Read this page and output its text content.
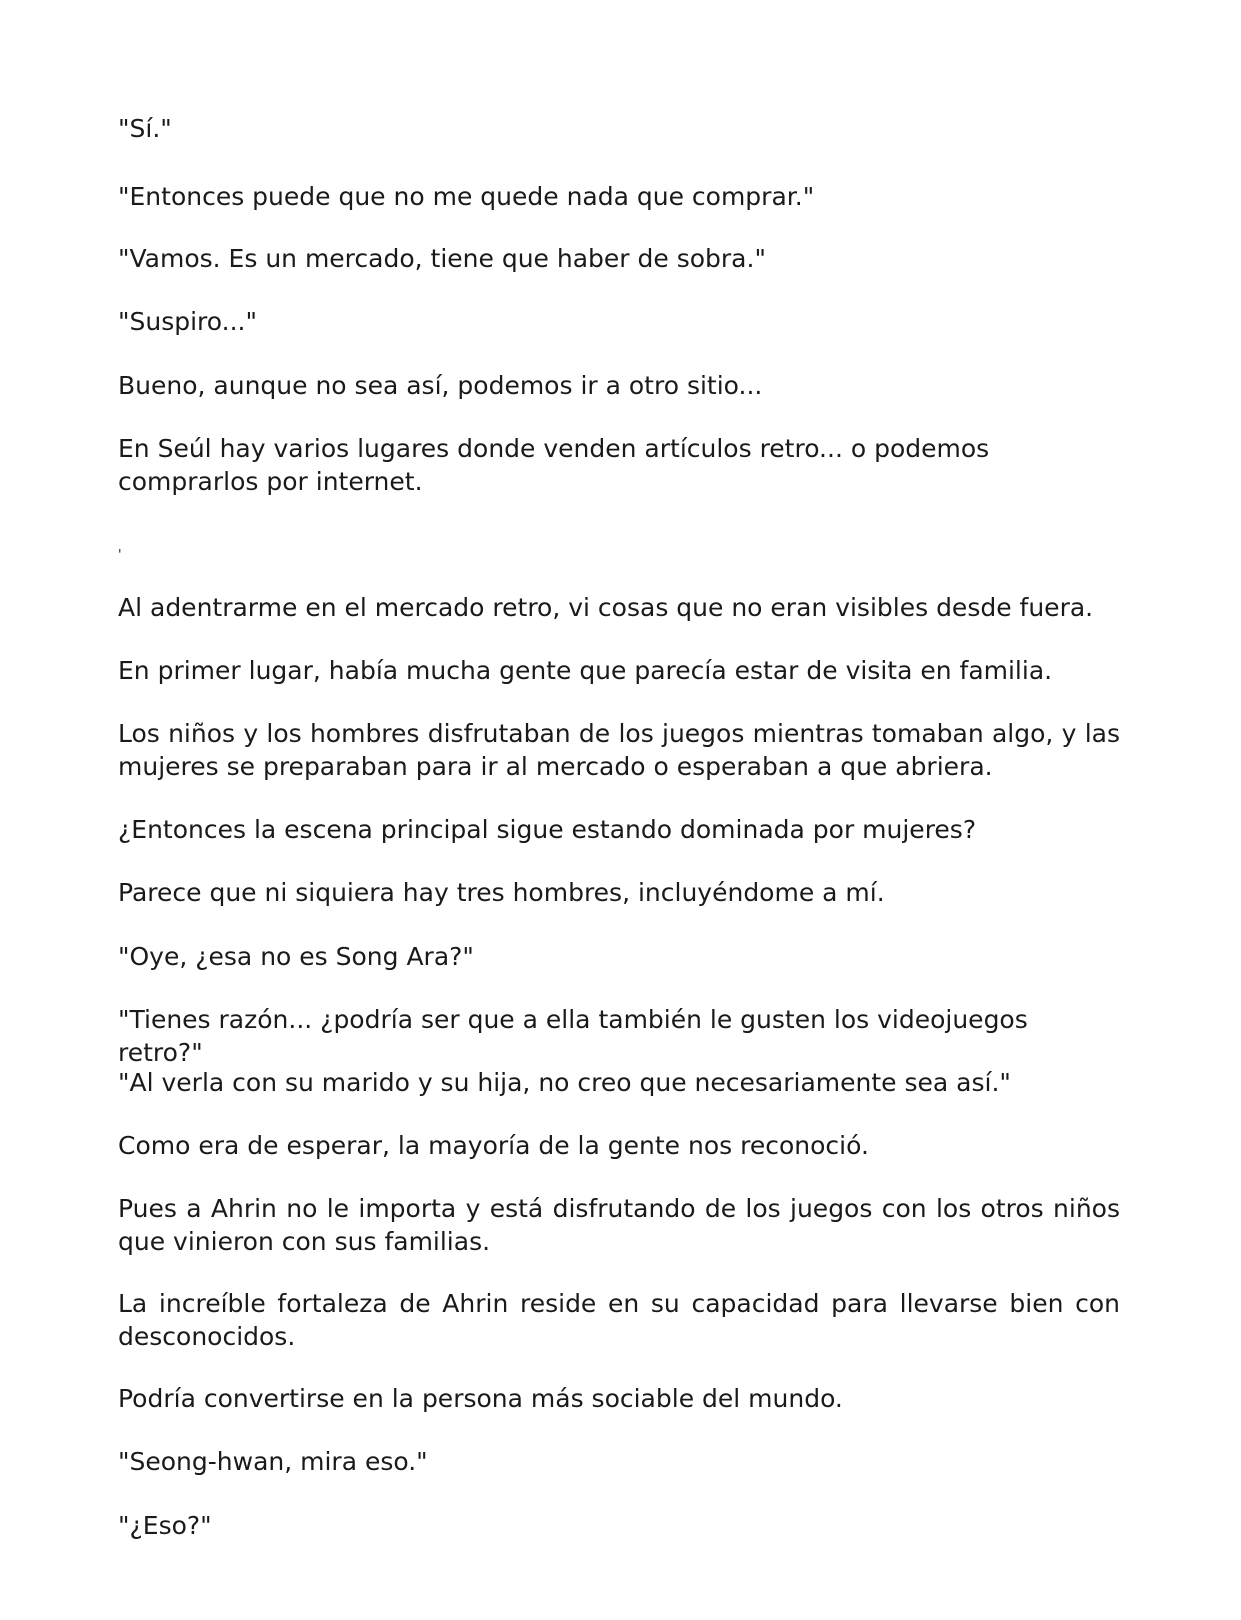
"Sí."

"Entonces puede que no me quede nada que comprar."

"Vamos. Es un mercado, tiene que haber de sobra."

"Suspiro..."

Bueno, aunque no sea así, podemos ir a otro sitio...

En Seúl hay varios lugares donde venden artículos retro... o podemos comprarlos por internet.

'

Al adentrarme en el mercado retro, vi cosas que no eran visibles desde fuera.

En primer lugar, había mucha gente que parecía estar de visita en familia.

Los niños y los hombres disfrutaban de los juegos mientras tomaban algo, y las mujeres se preparaban para ir al mercado o esperaban a que abriera.

¿Entonces la escena principal sigue estando dominada por mujeres?

Parece que ni siquiera hay tres hombres, incluyéndome a mí.

"Oye, ¿esa no es Song Ara?"

"Tienes razón... ¿podría ser que a ella también le gusten los videojuegos retro?"

"Al verla con su marido y su hija, no creo que necesariamente sea así."

Como era de esperar, la mayoría de la gente nos reconoció.

Pues a Ahrin no le importa y está disfrutando de los juegos con los otros niños que vinieron con sus familias.

La increíble fortaleza de Ahrin reside en su capacidad para llevarse bien con desconocidos.

Podría convertirse en la persona más sociable del mundo.

"Seong-hwan, mira eso."

"¿Eso?"
